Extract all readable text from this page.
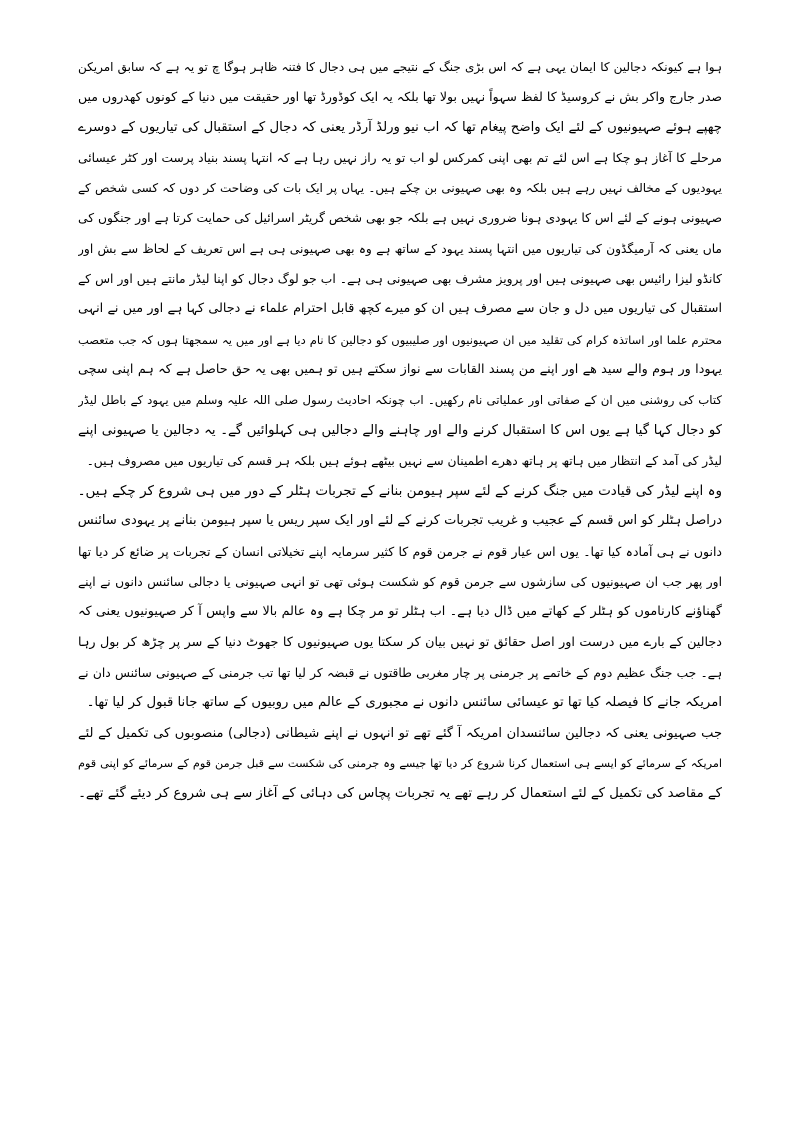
ہوا ہے کیونکہ دجالین کا ایمان یہی ہے کہ اس بڑی جنگ کے نتیجے میں ہی دجال کا فتنہ ظاہر ہوگا چ تو یہ ہے کہ سابق امریکن
صدر جارج واکر بش نے کروسیڈ کا لفظ سہواً نہیں بولا تھا بلکہ یہ ایک کوڈورڈ تھا اور حقیقت میں دنیا کے کونوں کھدروں میں
چھپے ہوئے صہیونیوں کے لئے ایک واضح پیغام تھا کہ اب نیو ورلڈ آرڈر یعنی کہ دجال کے استقبال کی تیاریوں کے دوسرے
مرحلے کا آغاز ہو چکا ہے اس لئے تم بھی اپنی کمرکس لو اب تو یہ راز نہیں رہا ہے کہ انتہا پسند بنیاد پرست اور کٹر عیسائی
یہودیوں کے مخالف نہیں رہے ہیں بلکہ وہ بھی صہیونی بن چکے ہیں۔ یہاں پر ایک بات کی وضاحت کر دوں کہ کسی شخص کے
صہیونی ہونے کے لئے اس کا یہودی ہونا ضروری نہیں ہے بلکہ جو بھی شخص گریٹر اسرائیل کی حمایت کرتا ہے اور جنگوں کی
ماں یعنی کہ آرمیگڈون کی تیاریوں میں انتہا پسند یہود کے ساتھ ہے وہ بھی صہیونی ہی ہے اس تعریف کے لحاظ سے بش اور
کانڈو لیزا رائیس بھی صہیونی ہیں اور پرویز مشرف بھی صہیونی ہی ہے۔ اب جو لوگ دجال کو اپنا لیڈر مانتے ہیں اور اس کے
استقبال کی تیاریوں میں دل و جان سے مصرف ہیں ان کو میرے کچھ قابل احترام علماء نے دجالی کہا ہے اور میں نے انہی
محترم علما اور اساتذہ کرام کی تقلید میں ان صہیونیوں اور صلیبیوں کو دجالین کا نام دیا ہے اور میں یہ سمجھتا ہوں کہ جب متعصب
یہودا ور ہوم والے سید ھے اور اپنے من پسند القابات سے نواز سکتے ہیں تو ہمیں بھی یہ حق حاصل ہے کہ ہم اپنی سچی
کتاب کی روشنی میں ان کے صفاتی اور عملیاتی نام رکھیں۔ اب چونکہ احادیث رسول صلی اللہ علیہ وسلم میں یہود کے باطل لیڈر
کو دجال کہا گیا ہے یوں اس کا استقبال کرنے والے اور چاہنے والے دجالیں ہی کہلوائیں گے۔ یہ دجالین یا صہیونی اپنے
لیڈر کی آمد کے انتظار میں ہاتھ پر ہاتھ دھرے اطمینان سے نہیں بیٹھے ہوئے ہیں بلکہ ہر قسم کی تیاریوں میں مصروف ہیں۔
وہ اپنے لیڈر کی قیادت میں جنگ کرنے کے لئے سپر ہیومن بنانے کے تجربات ہٹلر کے دور میں ہی شروع کر چکے ہیں۔
دراصل ہٹلر کو اس قسم کے عجیب و غریب تجربات کرنے کے لئے اور ایک سپر ریس یا سپر ہیومن بنانے پر یہودی سائنس
دانوں نے ہی آمادہ کیا تھا۔ یوں اس عیار قوم نے جرمن قوم کا کثیر سرمایہ اپنے تخیلاتی انسان کے تجربات پر ضائع کر دیا تھا
اور پھر جب ان صہیونیوں کی سازشوں سے جرمن قوم کو شکست ہوئی تھی تو انہی صہیونی یا دجالی سائنس دانوں نے اپنے
گھناؤنے کارناموں کو ہٹلر کے کھاتے میں ڈال دیا ہے۔ اب ہٹلر تو مر چکا ہے وہ عالم بالا سے واپس آ کر صہیونیوں یعنی کہ
دجالین کے بارے میں درست اور اصل حقائق تو نہیں بیان کر سکتا یوں صہیونیوں کا جھوٹ دنیا کے سر پر چڑھ کر بول رہا
ہے۔ جب جنگ عظیم دوم کے خاتمے پر جرمنی پر چار مغربی طاقتوں نے قبضہ کر لیا تھا تب جرمنی کے صہیونی سائنس دان نے
امریکہ جانے کا فیصلہ کیا تھا تو عیسائی سائنس دانوں نے مجبوری کے عالم میں روبیوں کے ساتھ جانا قبول کر لیا تھا۔
جب صہیونی یعنی کہ دجالین سائنسدان امریکہ آ گئے تھے تو انہوں نے اپنے شیطانی (دجالی) منصوبوں کی تکمیل کے لئے
امریکہ کے سرمائے کو ایسے ہی استعمال کرنا شروع کر دیا تھا جیسے وہ جرمنی کی شکست سے قبل جرمن قوم کے سرمائے کو اپنی قوم
کے مقاصد کی تکمیل کے لئے استعمال کر رہے تھے یہ تجربات پچاس کی دہائی کے آغاز سے ہی شروع کر دیئے گئے تھے۔
